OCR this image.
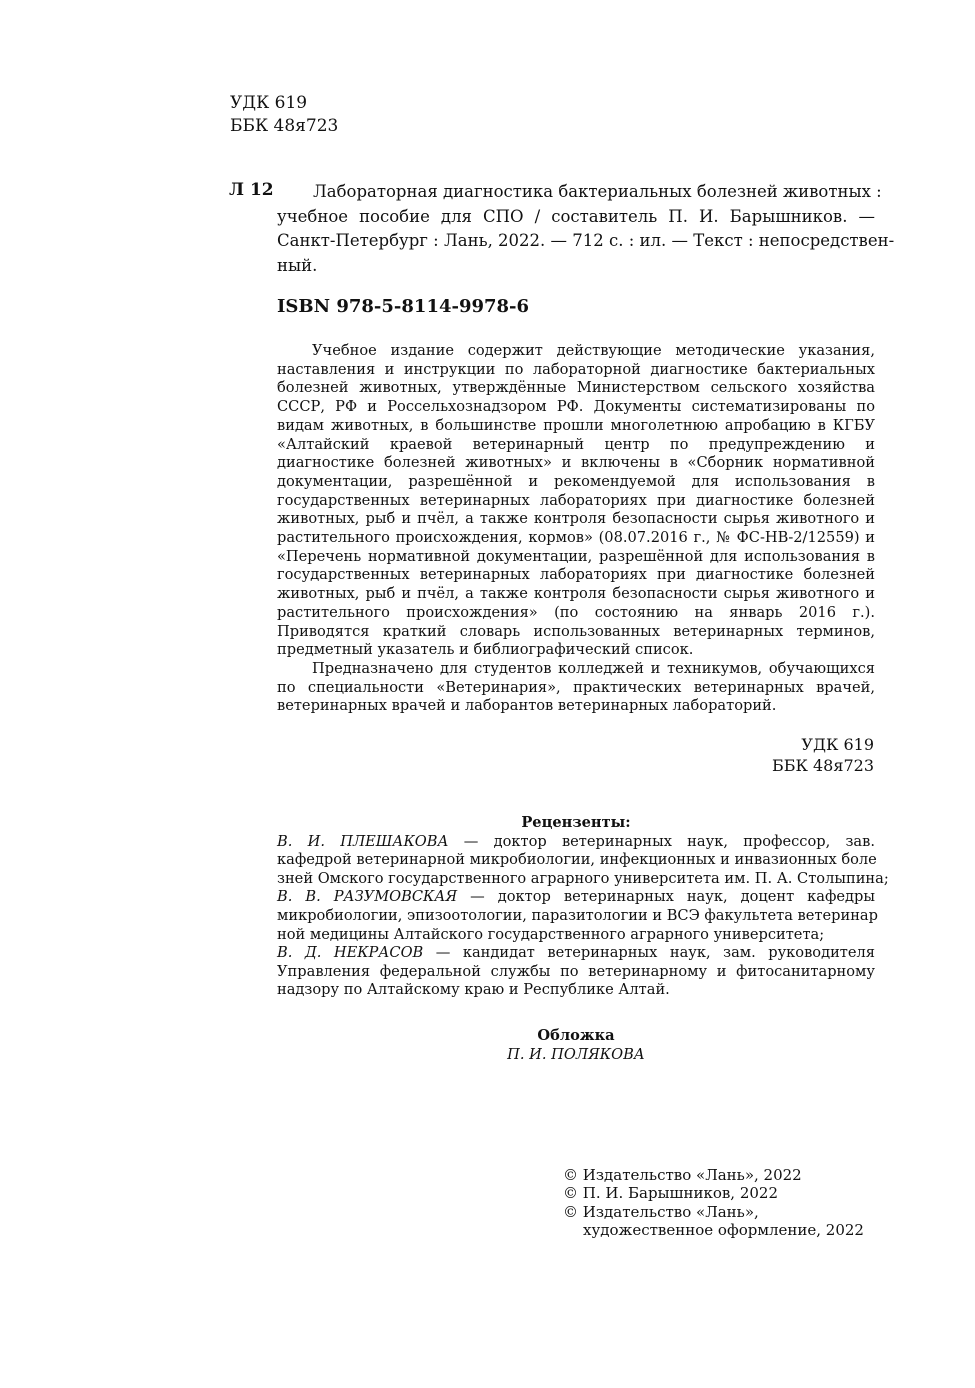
УДК 619
ББК 48я723
Л 12	Лабораторная диагностика бактериальных болезней животных :
учебное пособие для СПО / составитель П. И. Барышников. —
Санкт-Петербург : Лань, 2022. — 712 с. : ил. — Текст : непосредствен-
ный.
ISBN 978-5-8114-9978-6

Учебное издание содержит действующие методические указания, наставления и инструкции по лабораторной диагностике бактериальных болезней животных, утверждённые Министерством сельского хозяйства СССР, РФ и Россельхознадзором РФ. Документы систематизированы по видам животных, в большинстве прошли многолетнюю апробацию в КГБУ «Алтайский краевой ветеринарный центр по предупреждению и диагностике болезней животных» и включены в «Сборник нормативной документации, разрешённой и рекомендуемой для использования в государственных ветеринарных лабораториях при диагностике болезней животных, рыб и пчёл, а также контроля безопасности сырья животного и растительного происхождения, кормов» (08.07.2016 г., № ФС-НВ-2/12559) и «Перечень нормативной документации, разрешённой для использования в государственных ветеринарных лабораториях при диагностике болезней животных, рыб и пчёл, а также контроля безопасности сырья животного и растительного происхождения» (по состоянию на январь 2016 г.). Приводятся краткий словарь использованных ветеринарных терминов, предметный указатель и библиографический список.

Предназначено для студентов колледжей и техникумов, обучающихся по специальности «Ветеринария», практических ветеринарных врачей, ветеринарных врачей и лаборантов ветеринарных лабораторий.

УДК 619
ББК 48я723
Рецензенты:
В. И. ПЛЕШАКОВА — доктор ветеринарных наук, профессор, зав.
кафедрой ветеринарной микробиологии, инфекционных и инвазионных боле
зней Омского государственного аграрного университета им. П. А. Столыпина;
В. В. РАЗУМОВСКАЯ — доктор ветеринарных наук, доцент кафедры
микробиологии, эпизоотологии, паразитологии и ВСЭ факультета ветеринар
ной медицины Алтайского государственного аграрного университета;
В. Д. НЕКРАСОВ — кандидат ветеринарных наук, зам. руководителя
Управления федеральной службы по ветеринарному и фитосанитарному
надзору по Алтайскому краю и Республике Алтай.
Обложка
П. И. ПОЛЯКОВА
© Издательство «Лань», 2022
© П. И. Барышников, 2022
© Издательство «Лань»,
художественное оформление, 2022
